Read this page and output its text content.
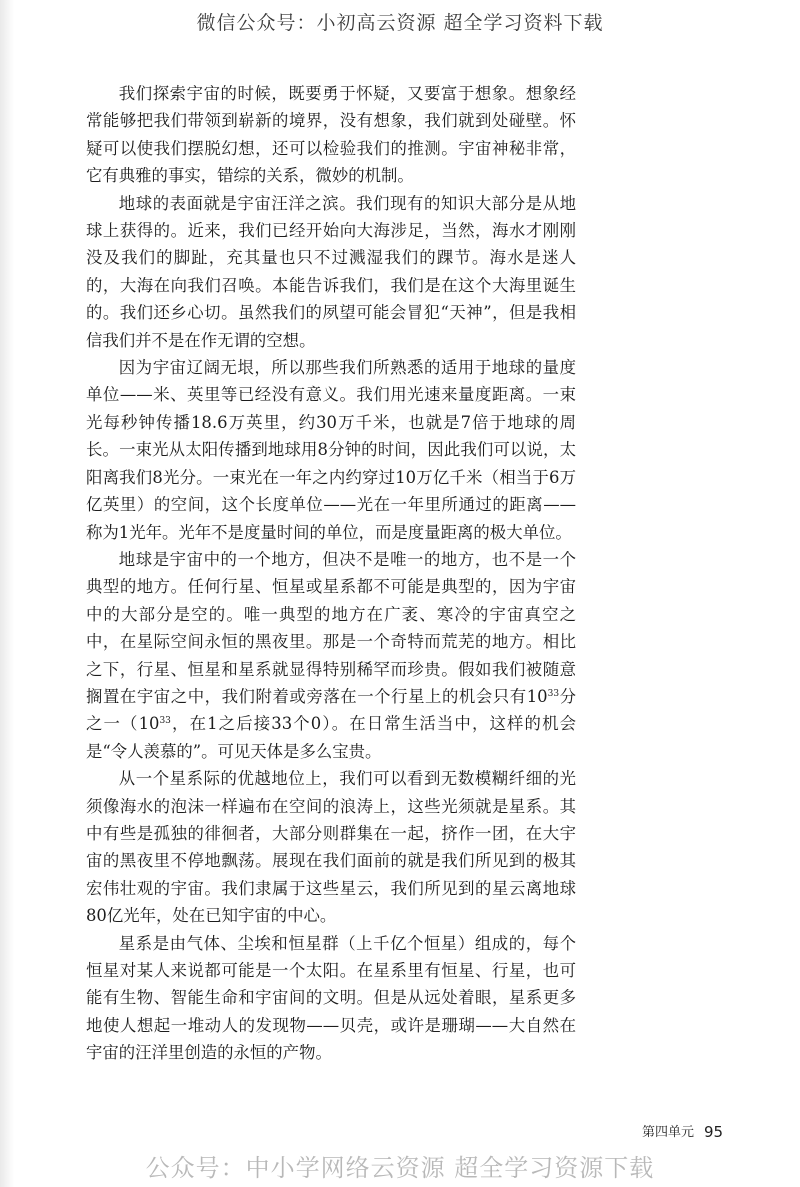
微信公众号：小初高云资源 超全学习资料下载

我们探索宇宙的时候，既要勇于怀疑，又要富于想象。想象经常能够把我们带领到崭新的境界，没有想象，我们就到处碰壁。怀疑可以使我们摆脱幻想，还可以检验我们的推测。宇宙神秘非常，它有典雅的事实，错综的关系，微妙的机制。

地球的表面就是宇宙汪洋之滨。我们现有的知识大部分是从地球上获得的。近来，我们已经开始向大海涉足，当然，海水才刚刚没及我们的脚趾，充其量也只不过溅湿我们的踝节。海水是迷人的，大海在向我们召唤。本能告诉我们，我们是在这个大海里诞生的。我们还乡心切。虽然我们的夙望可能会冒犯“天神”，但是我相信我们并不是在作无谓的空想。

因为宇宙辽阔无垠，所以那些我们所熟悉的适用于地球的量度单位——米、英里等已经没有意义。我们用光速来量度距离。一束光每秒钟传播18.6万英里，约30万千米，也就是7倍于地球的周长。一束光从太阳传播到地球用8分钟的时间，因此我们可以说，太阳离我们8光分。一束光在一年之内约穿过10万亿千米（相当于6万亿英里）的空间，这个长度单位——光在一年里所通过的距离——称为1光年。光年不是度量时间的单位，而是度量距离的极大单位。

地球是宇宙中的一个地方，但决不是唯一的地方，也不是一个典型的地方。任何行星、恒星或星系都不可能是典型的，因为宇宙中的大部分是空的。唯一典型的地方在广袤、寒冷的宇宙真空之中，在星际空间永恒的黑夜里。那是一个奇特而荒芜的地方。相比之下，行星、恒星和星系就显得特别稀罕而珍贵。假如我们被随意搁置在宇宙之中，我们附着或旁落在一个行星上的机会只有$10^{33}$分之一（$10^{33}$，在1之后接33个0）。在日常生活当中，这样的机会是“令人羡慕的”。可见天体是多么宝贵。

从一个星系际的优越地位上，我们可以看到无数模糊纤细的光须像海水的泡沫一样遍布在空间的浪涛上，这些光须就是星系。其中有些是孤独的徘徊者，大部分则群集在一起，挤作一团，在大宇宙的黑夜里不停地飘荡。展现在我们面前的就是我们所见到的极其宏伟壮观的宇宙。我们隶属于这些星云，我们所见到的星云离地球80亿光年，处在已知宇宙的中心。

星系是由气体、尘埃和恒星群（上千亿个恒星）组成的，每个恒星对某人来说都可能是一个太阳。在星系里有恒星、行星，也可能有生物、智能生命和宇宙间的文明。但是从远处着眼，星系更多地使人想起一堆动人的发现物——贝壳，或许是珊瑚——大自然在宇宙的汪洋里创造的永恒的产物。

第四单元 95
公众号：中小学网络云资源 超全学习资源下载
